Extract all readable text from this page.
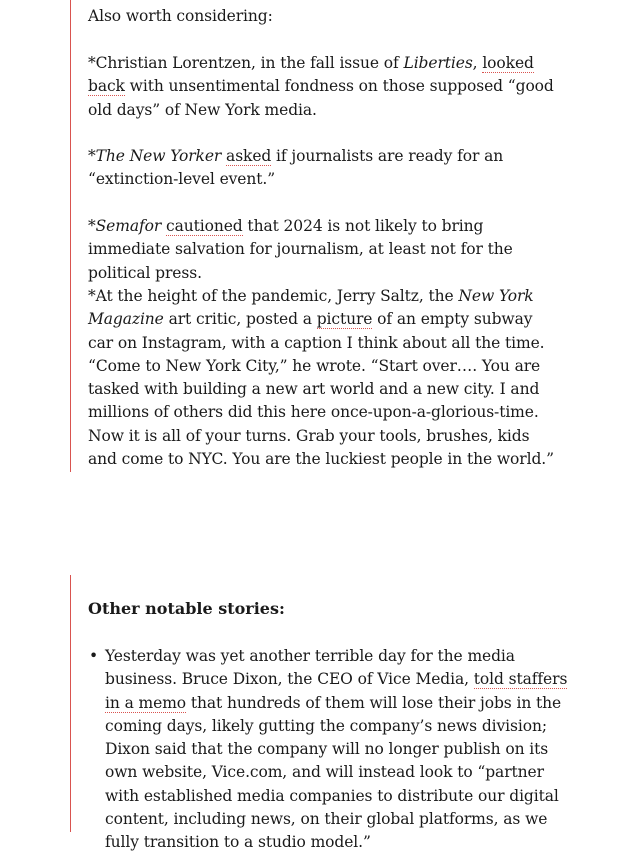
Also worth considering:

*Christian Lorentzen, in the fall issue of Liberties, looked back with unsentimental fondness on those supposed “good old days” of New York media.

*The New Yorker asked if journalists are ready for an “extinction-level event.”

*Semafor cautioned that 2024 is not likely to bring immediate salvation for journalism, at least not for the political press.

*At the height of the pandemic, Jerry Saltz, the New York Magazine art critic, posted a picture of an empty subway car on Instagram, with a caption I think about all the time. “Come to New York City,” he wrote. “Start over…. You are tasked with building a new art world and a new city. I and millions of others did this here once-upon-a-glorious-time. Now it is all of your turns. Grab your tools, brushes, kids and come to NYC. You are the luckiest people in the world.”

Other notable stories:
• Yesterday was yet another terrible day for the media business. Bruce Dixon, the CEO of Vice Media, told staffers in a memo that hundreds of them will lose their jobs in the coming days, likely gutting the company’s news division; Dixon said that the company will no longer publish on its own website, Vice.com, and will instead look to “partner with established media companies to distribute our digital content, including news, on their global platforms, as we fully transition to a studio model.”
